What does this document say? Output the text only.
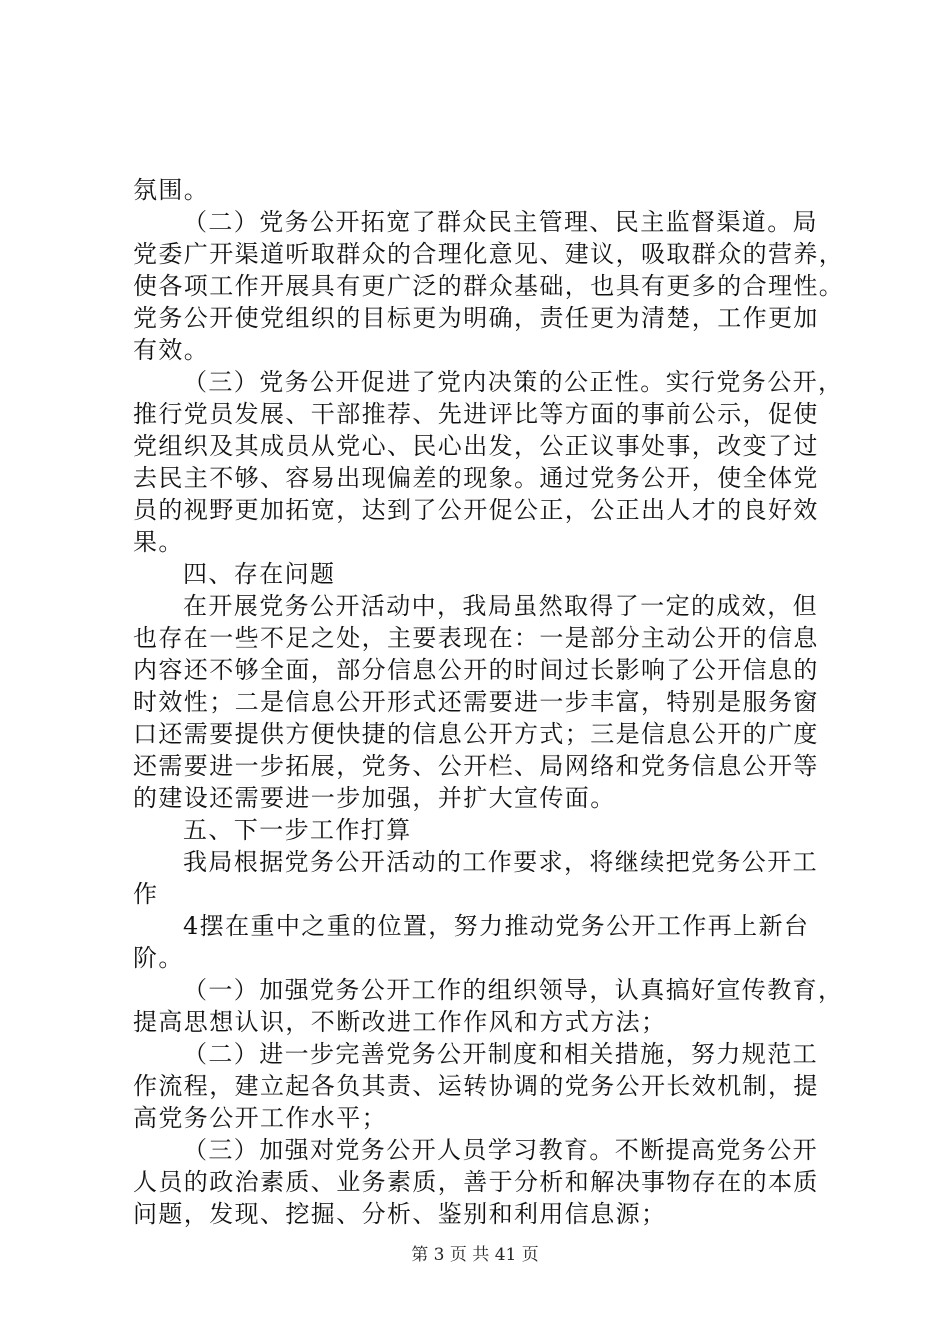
氛围。
（二）党务公开拓宽了群众民主管理、民主监督渠道。局
党委广开渠道听取群众的合理化意见、建议，吸取群众的营养，
使各项工作开展具有更广泛的群众基础，也具有更多的合理性。
党务公开使党组织的目标更为明确，责任更为清楚，工作更加
有效。
（三）党务公开促进了党内决策的公正性。实行党务公开，
推行党员发展、干部推荐、先进评比等方面的事前公示，促使
党组织及其成员从党心、民心出发，公正议事处事，改变了过
去民主不够、容易出现偏差的现象。通过党务公开，使全体党
员的视野更加拓宽，达到了公开促公正，公正出人才的良好效
果。
四、存在问题
在开展党务公开活动中，我局虽然取得了一定的成效，但
也存在一些不足之处，主要表现在：一是部分主动公开的信息
内容还不够全面，部分信息公开的时间过长影响了公开信息的
时效性；二是信息公开形式还需要进一步丰富，特别是服务窗
口还需要提供方便快捷的信息公开方式；三是信息公开的广度
还需要进一步拓展，党务、公开栏、局网络和党务信息公开等
的建设还需要进一步加强，并扩大宣传面。
五、下一步工作打算
我局根据党务公开活动的工作要求，将继续把党务公开工
作
4摆在重中之重的位置，努力推动党务公开工作再上新台
阶。
（一）加强党务公开工作的组织领导，认真搞好宣传教育，
提高思想认识，不断改进工作作风和方式方法；
（二）进一步完善党务公开制度和相关措施，努力规范工
作流程，建立起各负其责、运转协调的党务公开长效机制，提
高党务公开工作水平；
（三）加强对党务公开人员学习教育。不断提高党务公开
人员的政治素质、业务素质，善于分析和解决事物存在的本质
问题，发现、挖掘、分析、鉴别和利用信息源；
第 3 页 共 41 页
